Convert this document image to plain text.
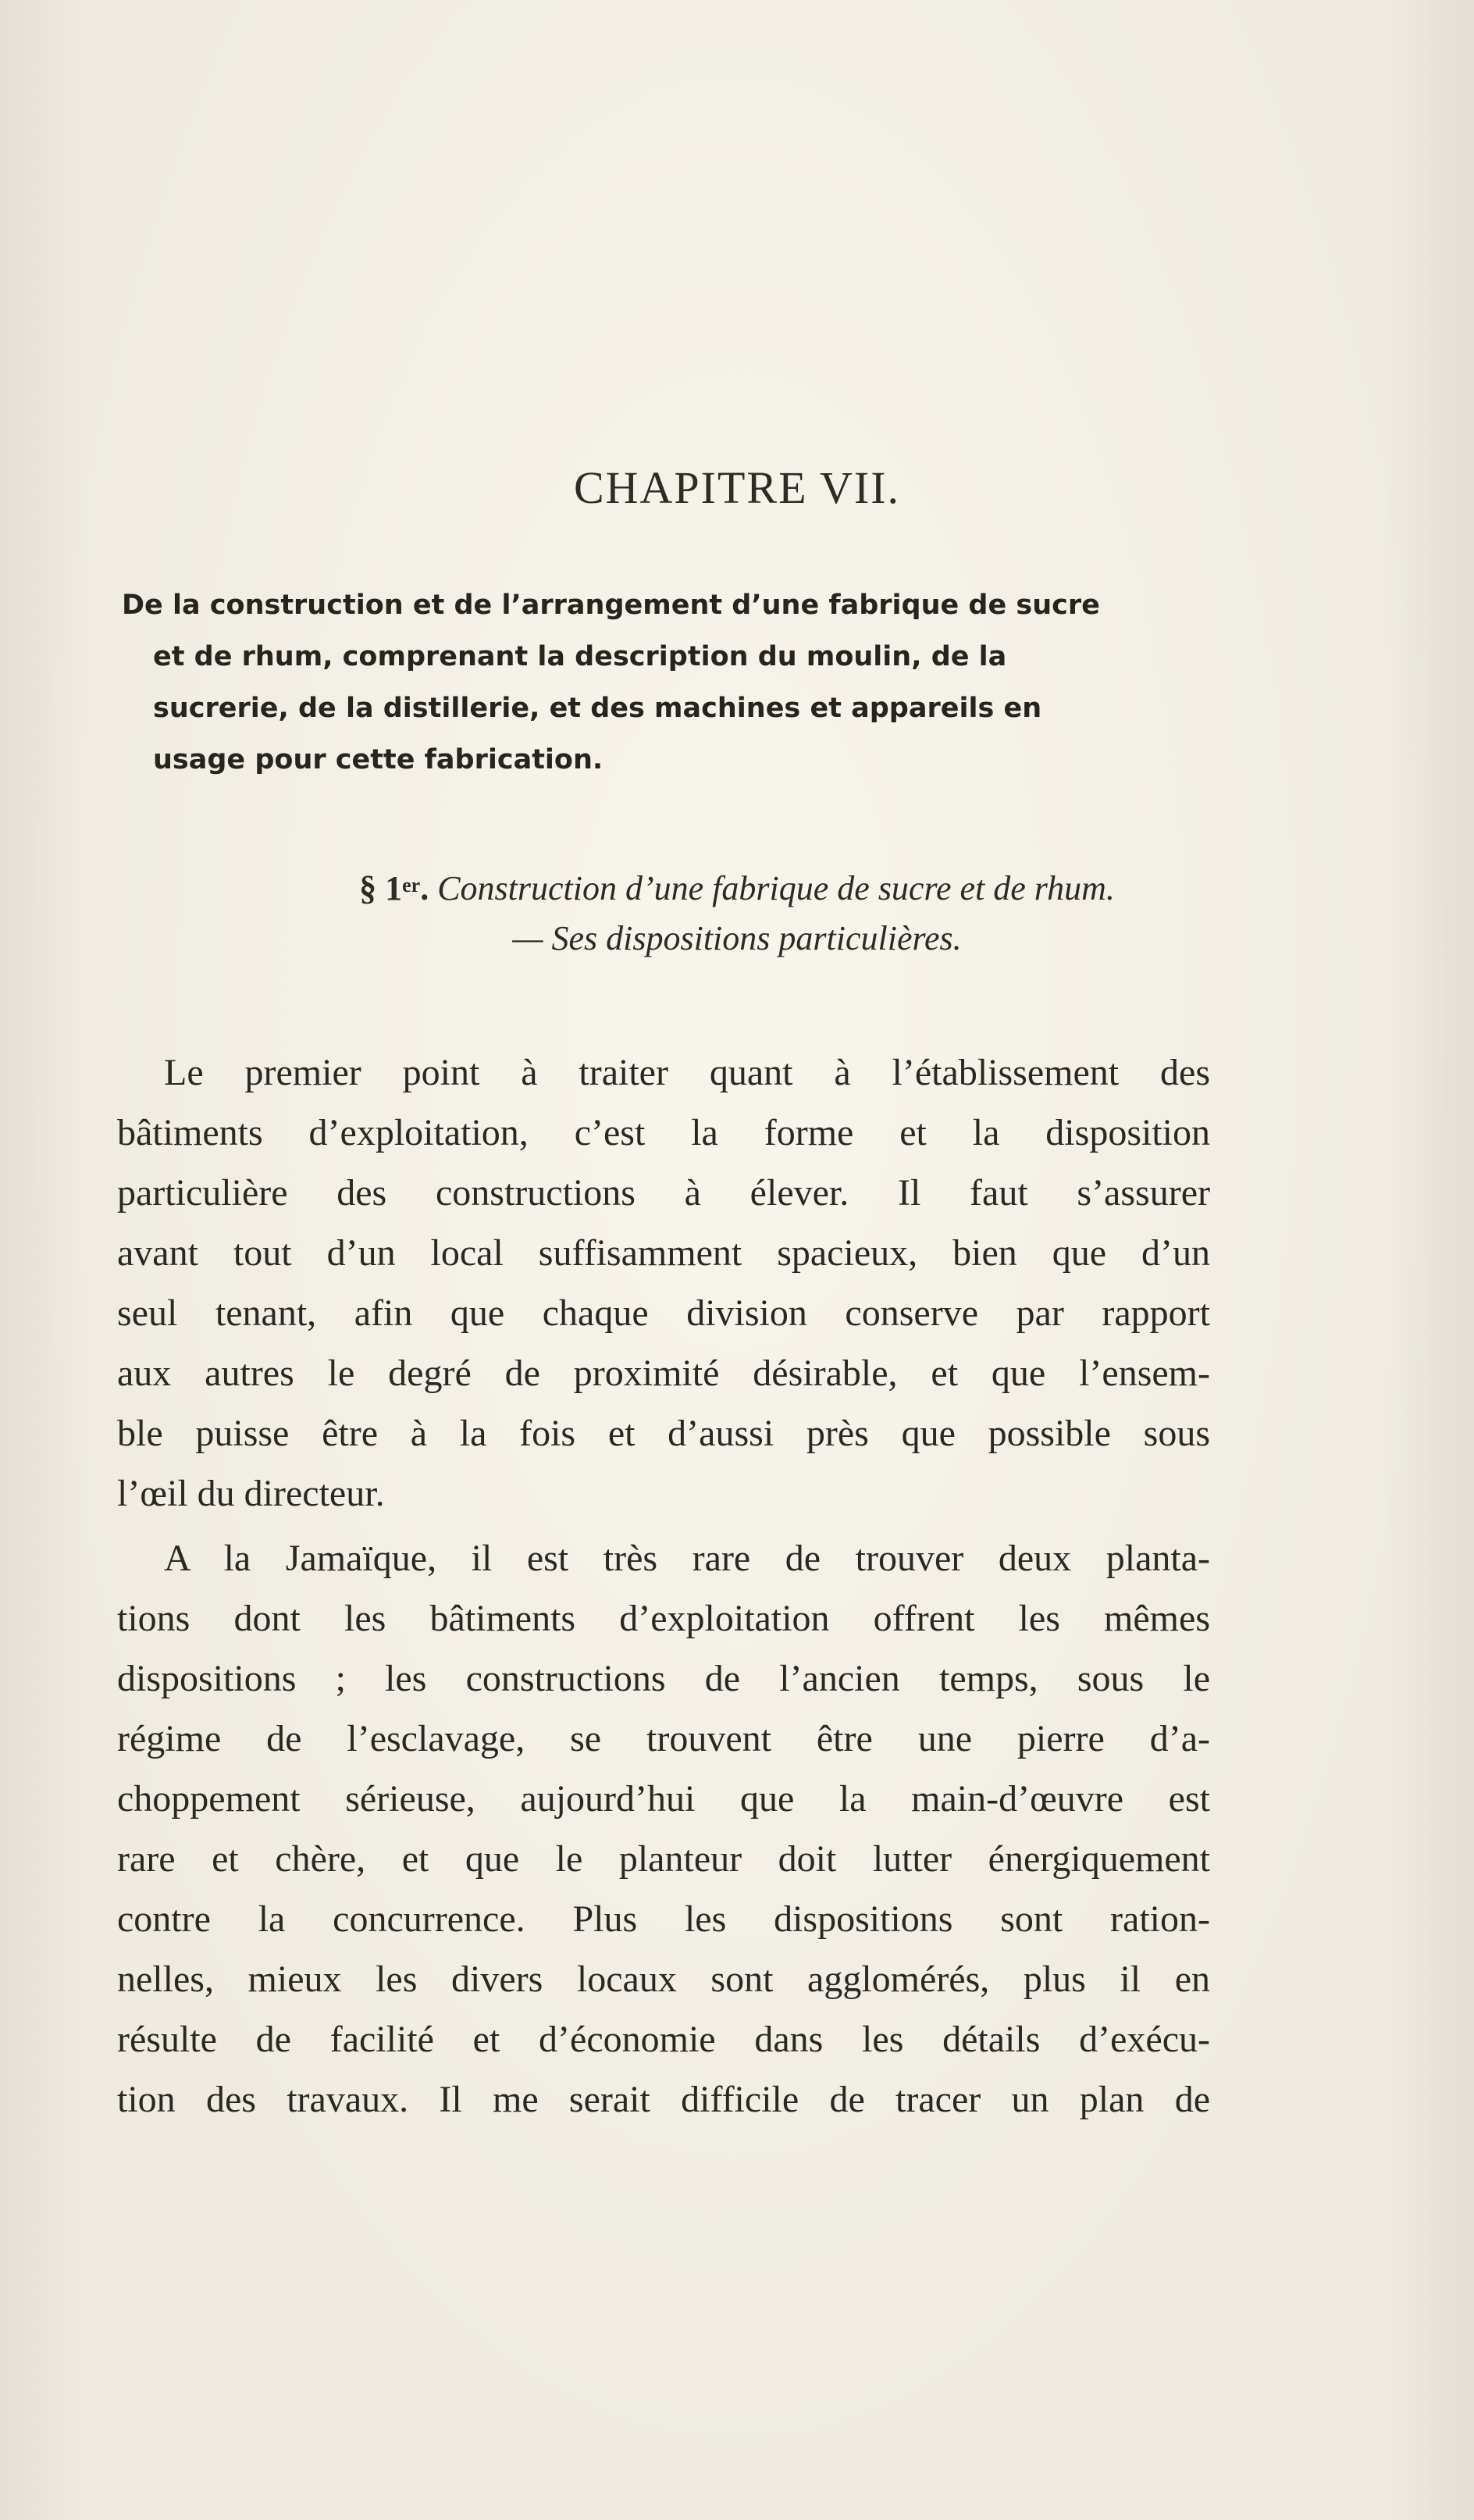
CHAPITRE VII.
De la construction et de l’arrangement d’une fabrique de sucre
et de rhum, comprenant la description du moulin, de la
sucrerie, de la distillerie, et des machines et appareils en
usage pour cette fabrication.
§ 1er. Construction d’une fabrique de sucre et de rhum.
— Ses dispositions particulières.
Le premier point à traiter quant à l’établissement des
bâtiments d’exploitation, c’est la forme et la disposition
particulière des constructions à élever. Il faut s’assurer
avant tout d’un local suffisamment spacieux, bien que d’un
seul tenant, afin que chaque division conserve par rapport
aux autres le degré de proximité désirable, et que l’ensem-
ble puisse être à la fois et d’aussi près que possible sous
l’œil du directeur.
A la Jamaïque, il est très rare de trouver deux planta-
tions dont les bâtiments d’exploitation offrent les mêmes
dispositions ; les constructions de l’ancien temps, sous le
régime de l’esclavage, se trouvent être une pierre d’a-
choppement sérieuse, aujourd’hui que la main-d’œuvre est
rare et chère, et que le planteur doit lutter énergiquement
contre la concurrence. Plus les dispositions sont ration-
nelles, mieux les divers locaux sont agglomérés, plus il en
résulte de facilité et d’économie dans les détails d’exécu-
tion des travaux. Il me serait difficile de tracer un plan de
